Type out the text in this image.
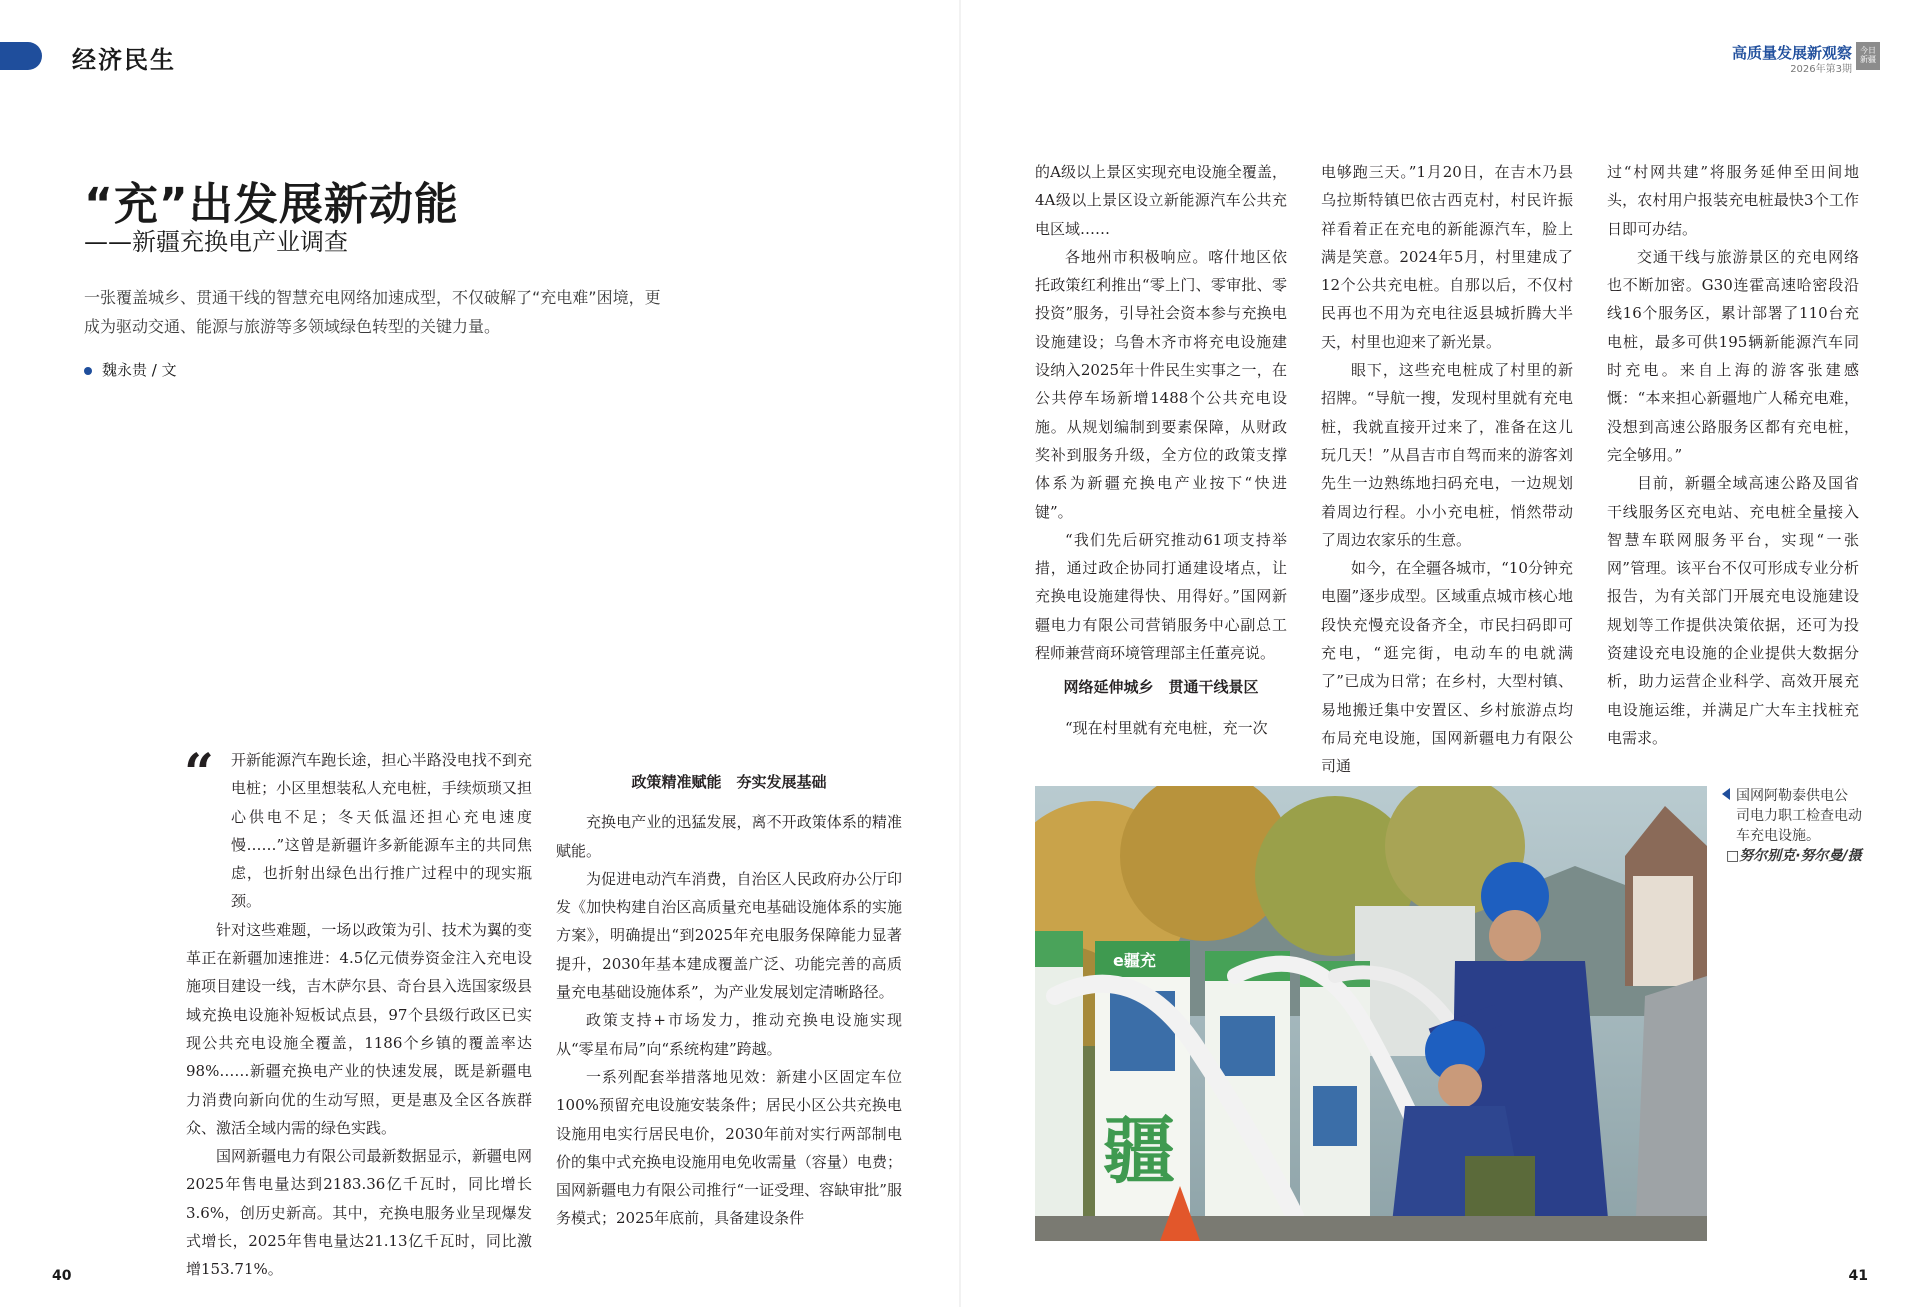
经济民生	高质量发展新观察
2026年第3期
今日
新疆
“充”出发展新动能
——新疆充换电产业调查
一张覆盖城乡、贯通干线的智慧充电网络加速成型，不仅破解了“充电难”困境，更成为驱动交通、能源与旅游等多领域绿色转型的关键力量。
魏永贵 / 文
“	开新能源汽车跑长途，担心半路没电找不到充电桩；小区里想装私人充电桩，手续烦琐又担心供电不足；冬天低温还担心充电速度慢……”这曾是新疆许多新能源车主的共同焦虑，也折射出绿色出行推广过程中的现实瓶颈。

针对这些难题，一场以政策为引、技术为翼的变革正在新疆加速推进：4.5亿元债券资金注入充电设施项目建设一线，吉木萨尔县、奇台县入选国家级县域充换电设施补短板试点县，97个县级行政区已实现公共充电设施全覆盖，1186个乡镇的覆盖率达98%……新疆充换电产业的快速发展，既是新疆电力消费向新向优的生动写照，更是惠及全区各族群众、激活全域内需的绿色实践。

国网新疆电力有限公司最新数据显示，新疆电网2025年售电量达到2183.36亿千瓦时，同比增长3.6%，创历史新高。其中，充换电服务业呈现爆发式增长，2025年售电量达21.13亿千瓦时，同比激增153.71%。

政策精准赋能　夯实发展基础

充换电产业的迅猛发展，离不开政策体系的精准赋能。

为促进电动汽车消费，自治区人民政府办公厅印发《加快构建自治区高质量充电基础设施体系的实施方案》，明确提出“到2025年充电服务保障能力显著提升，2030年基本建成覆盖广泛、功能完善的高质量充电基础设施体系”，为产业发展划定清晰路径。

政策支持+市场发力，推动充换电设施实现从“零星布局”向“系统构建”跨越。

一系列配套举措落地见效：新建小区固定车位100%预留充电设施安装条件；居民小区公共充换电设施用电实行居民电价，2030年前对实行两部制电价的集中式充换电设施用电免收需量（容量）电费；国网新疆电力有限公司推行“一证受理、容缺审批”服务模式；2025年底前，具备建设条件

的A级以上景区实现充电设施全覆盖，4A级以上景区设立新能源汽车公共充电区域……

各地州市积极响应。喀什地区依托政策红利推出“零上门、零审批、零投资”服务，引导社会资本参与充换电设施建设；乌鲁木齐市将充电设施建设纳入2025年十件民生实事之一，在公共停车场新增1488个公共充电设施。从规划编制到要素保障，从财政奖补到服务升级，全方位的政策支撑体系为新疆充换电产业按下“快进键”。

“我们先后研究推动61项支持举措，通过政企协同打通建设堵点，让充换电设施建得快、用得好。”国网新疆电力有限公司营销服务中心副总工程师兼营商环境管理部主任董亮说。

网络延伸城乡　贯通干线景区

“现在村里就有充电桩，充一次

电够跑三天。”1月20日，在吉木乃县乌拉斯特镇巴依古西克村，村民许振祥看着正在充电的新能源汽车，脸上满是笑意。2024年5月，村里建成了12个公共充电桩。自那以后，不仅村民再也不用为充电往返县城折腾大半天，村里也迎来了新光景。

眼下，这些充电桩成了村里的新招牌。“导航一搜，发现村里就有充电桩，我就直接开过来了，准备在这儿玩几天！”从昌吉市自驾而来的游客刘先生一边熟练地扫码充电，一边规划着周边行程。小小充电桩，悄然带动了周边农家乐的生意。

如今，在全疆各城市，“10分钟充电圈”逐步成型。区域重点城市核心地段快充慢充设备齐全，市民扫码即可充电，“逛完街，电动车的电就满了”已成为日常；在乡村，大型村镇、易地搬迁集中安置区、乡村旅游点均布局充电设施，国网新疆电力有限公司通

过“村网共建”将服务延伸至田间地头，农村用户报装充电桩最快3个工作日即可办结。

交通干线与旅游景区的充电网络也不断加密。G30连霍高速哈密段沿线16个服务区，累计部署了110台充电桩，最多可供195辆新能源汽车同时充电。来自上海的游客张建感慨：“本来担心新疆地广人稀充电难，没想到高速公路服务区都有充电桩，完全够用。”

目前，新疆全域高速公路及国省干线服务区充电站、充电桩全量接入智慧车联网服务平台，实现“一张网”管理。该平台不仅可形成专业分析报告，为有关部门开展充电设施建设规划等工作提供决策依据，还可为投资建设充电设施的企业提供大数据分析，助力运营企业科学、高效开展充电设施运维，并满足广大车主找桩充电需求。

e疆充
疆
国网阿勒泰供电公
司电力职工检查电动
车充电设施。
□努尔别克·努尔曼/摄
40	41
